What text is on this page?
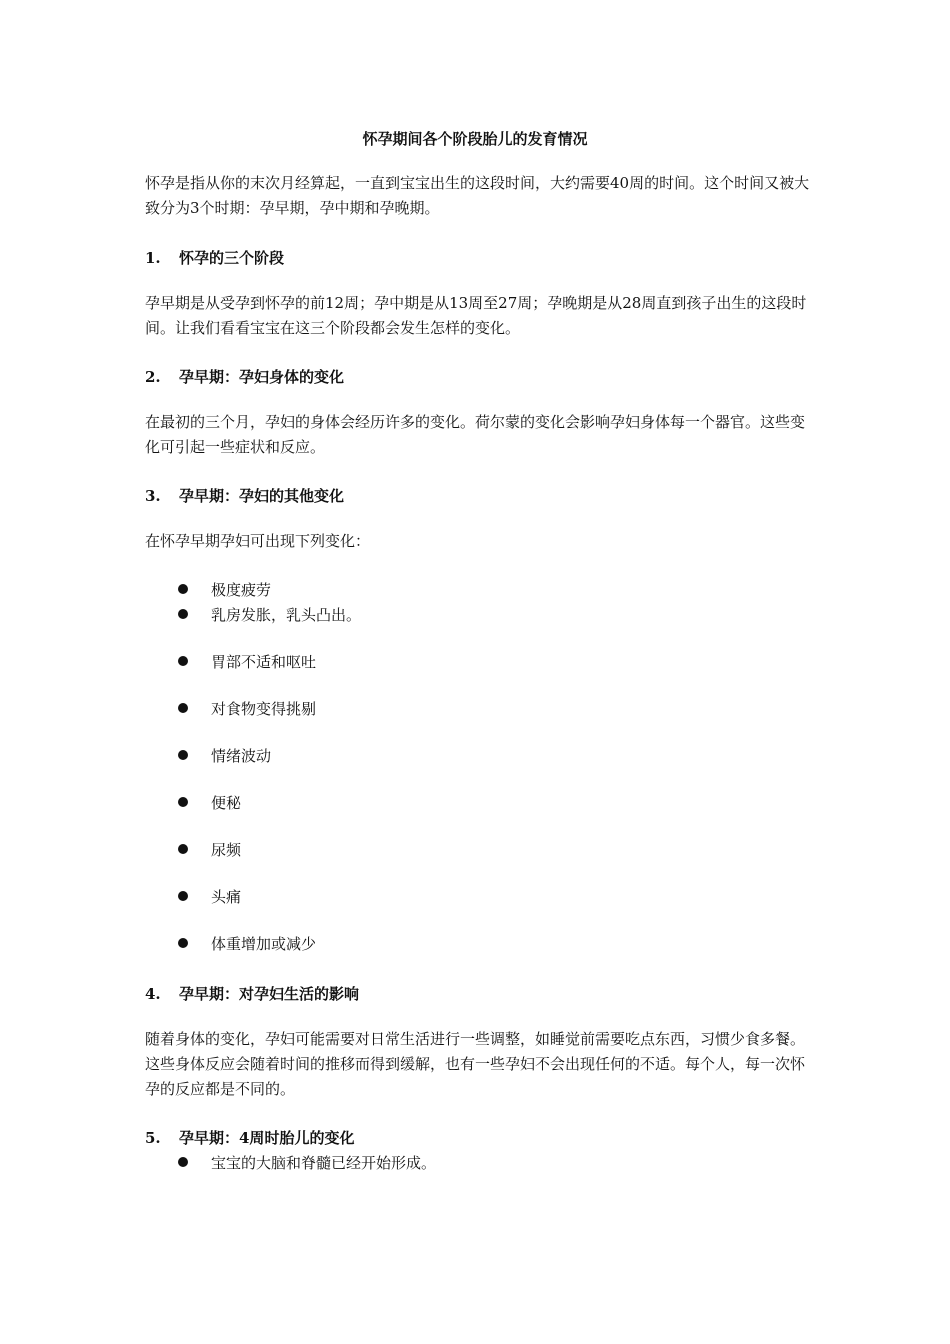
怀孕期间各个阶段胎儿的发育情况
怀孕是指从你的末次月经算起，一直到宝宝出生的这段时间，大约需要40周的时间。这个时间又被大致分为3个时期：孕早期，孕中期和孕晚期。
1. 怀孕的三个阶段
孕早期是从受孕到怀孕的前12周；孕中期是从13周至27周；孕晚期是从28周直到孩子出生的这段时间。让我们看看宝宝在这三个阶段都会发生怎样的变化。
2. 孕早期：孕妇身体的变化
在最初的三个月，孕妇的身体会经历许多的变化。荷尔蒙的变化会影响孕妇身体每一个器官。这些变化可引起一些症状和反应。
3. 孕早期：孕妇的其他变化
在怀孕早期孕妇可出现下列变化：
极度疲劳
乳房发胀，乳头凸出。
胃部不适和呕吐
对食物变得挑剔
情绪波动
便秘
尿频
头痛
体重增加或减少
4. 孕早期：对孕妇生活的影响
随着身体的变化，孕妇可能需要对日常生活进行一些调整，如睡觉前需要吃点东西，习惯少食多餐。这些身体反应会随着时间的推移而得到缓解，也有一些孕妇不会出现任何的不适。每个人，每一次怀孕的反应都是不同的。
5. 孕早期：4周时胎儿的变化
宝宝的大脑和脊髓已经开始形成。
